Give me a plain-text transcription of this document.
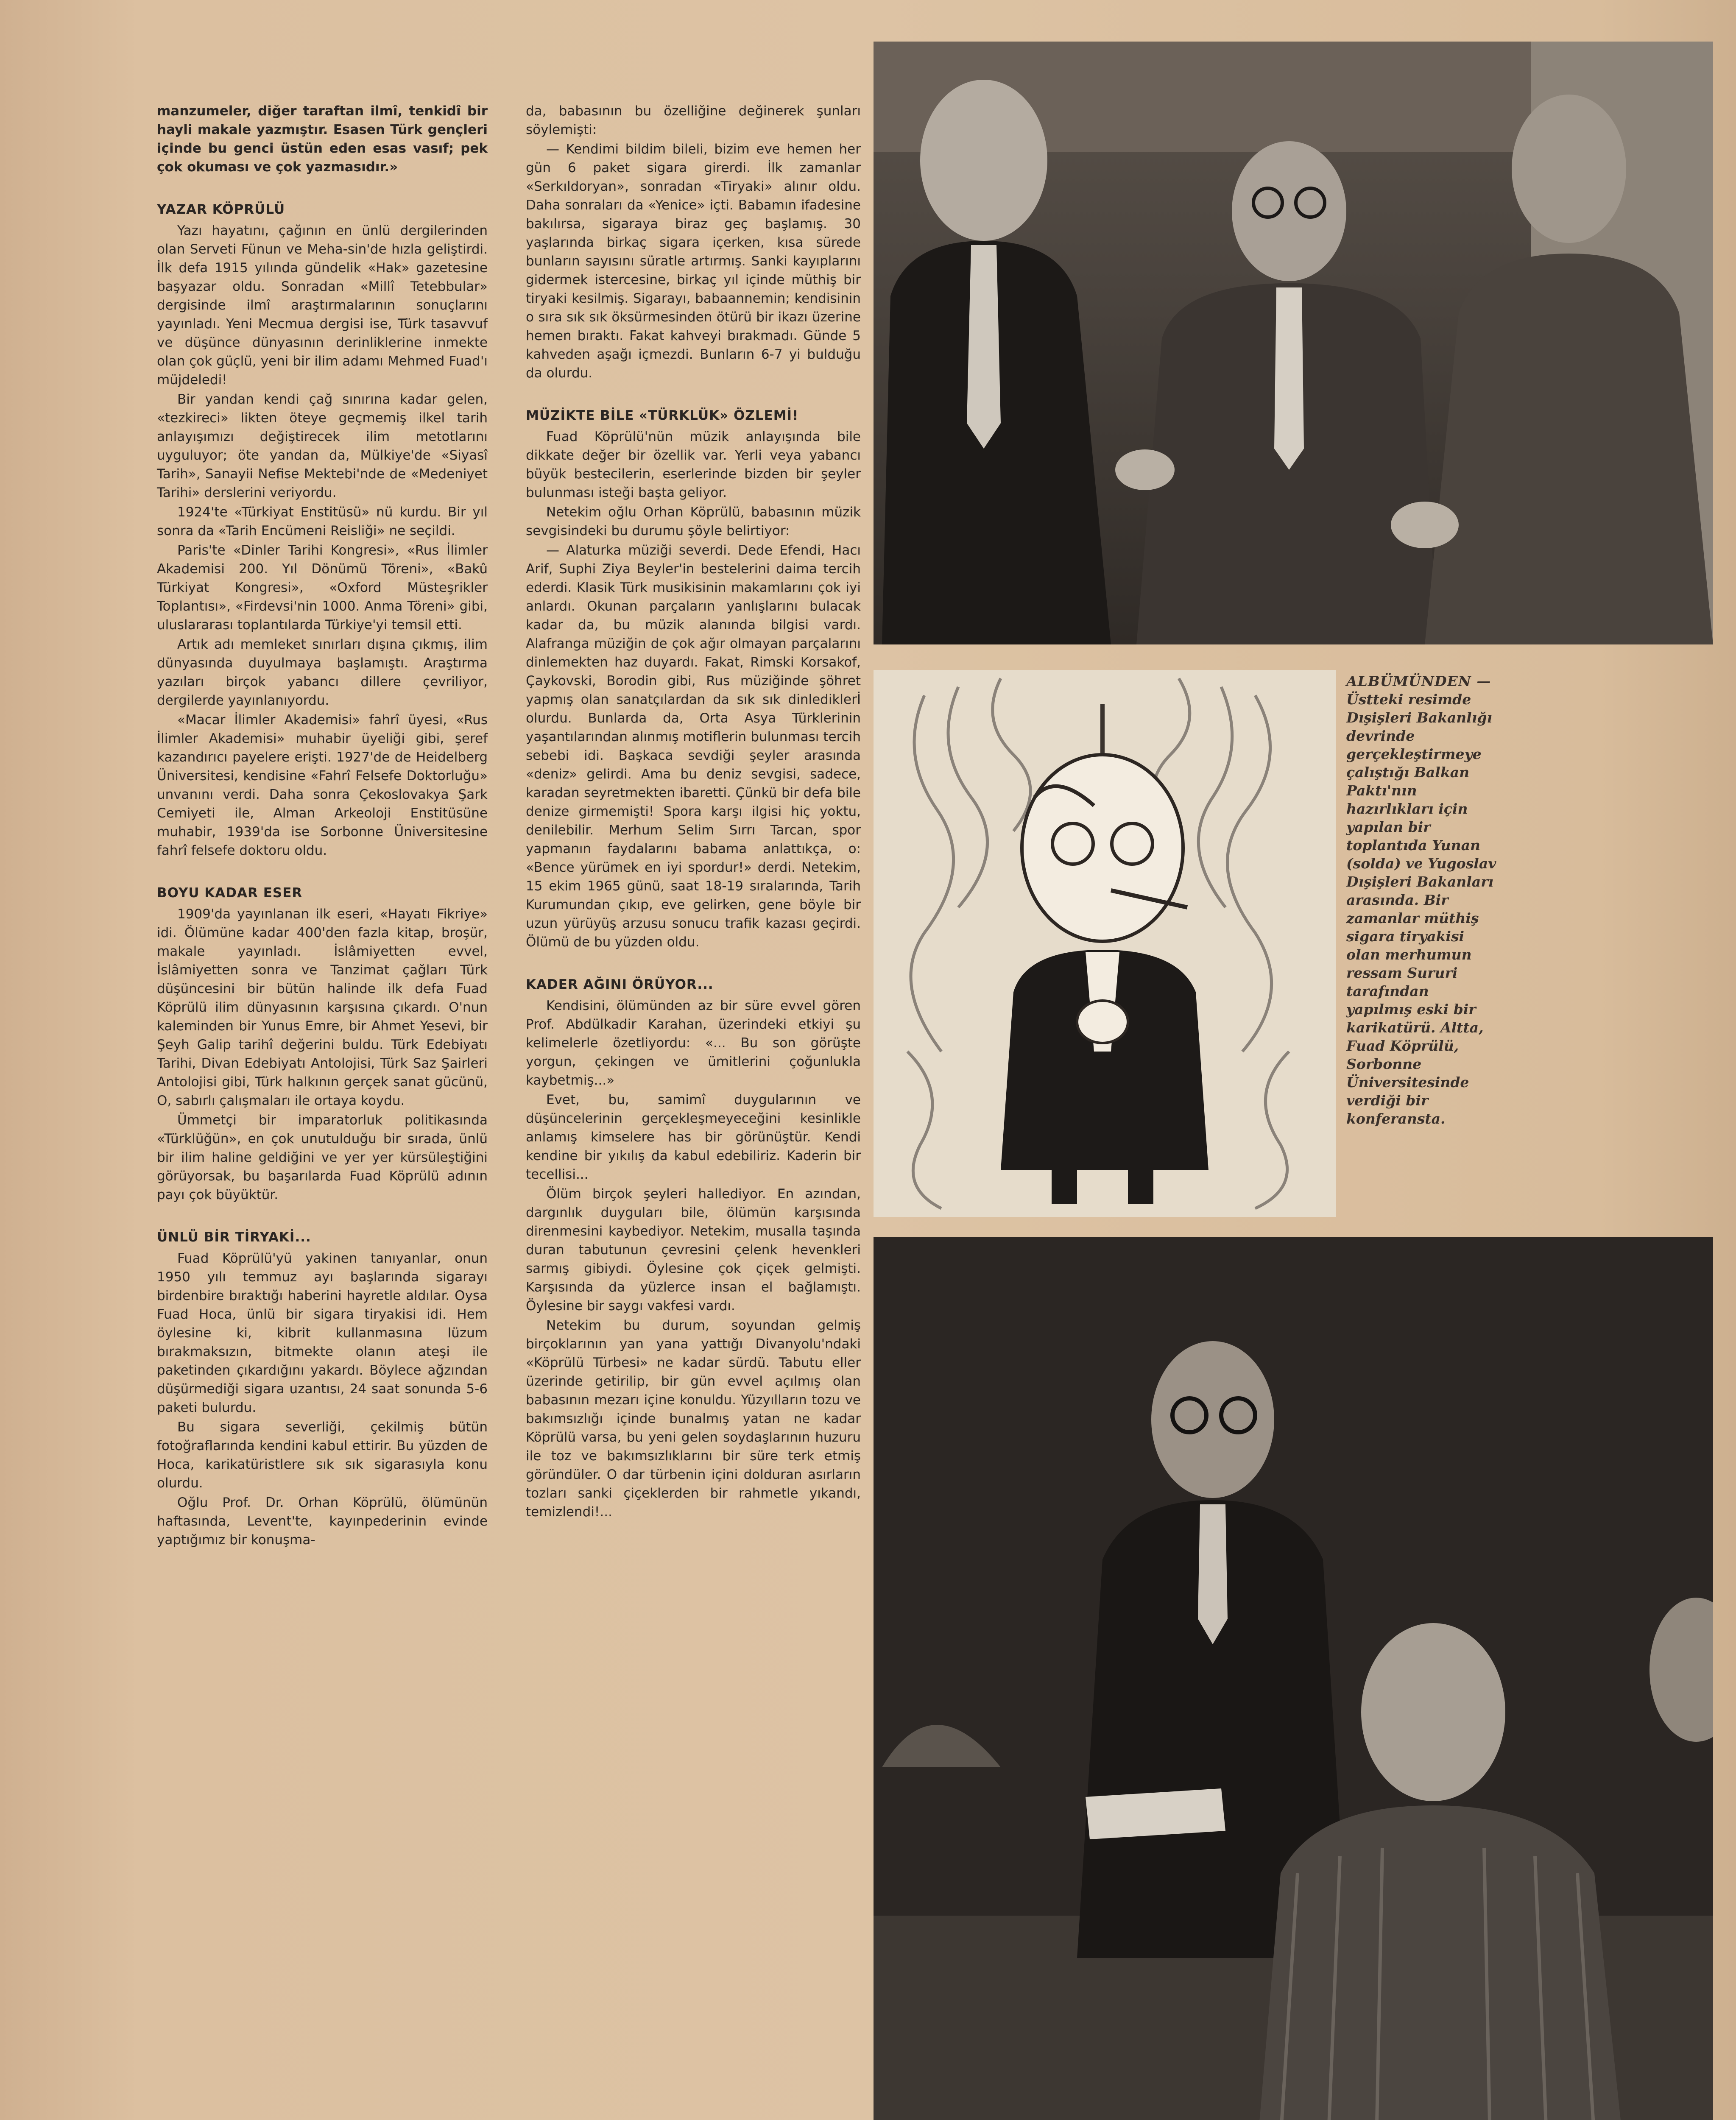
manzumeler, diğer taraftan ilmî, tenkidî bir hayli makale yazmıştır. Esasen Türk gençleri içinde bu genci üstün eden esas vasıf; pek çok okuması ve çok yazmasıdır.»

YAZAR KÖPRÜLÜ

Yazı hayatını, çağının en ünlü dergilerinden olan Serveti Fünun ve Meha-sin'de hızla geliştirdi. İlk defa 1915 yılında gündelik «Hak» gazetesine başyazar oldu. Sonradan «Millî Tetebbular» dergisinde ilmî araştırmalarının sonuçlarını yayınladı. Yeni Mecmua dergisi ise, Türk tasavvuf ve düşünce dünyasının derinliklerine inmekte olan çok güçlü, yeni bir ilim adamı Mehmed Fuad'ı müjdeledi!

Bir yandan kendi çağ sınırına kadar gelen, «tezkireci» likten öteye geçmemiş ilkel tarih anlayışımızı değiştirecek ilim metotlarını uyguluyor; öte yandan da, Mülkiye'de «Siyasî Tarih», Sanayii Nefise Mektebi'nde de «Medeniyet Tarihi» derslerini veriyordu.

1924'te «Türkiyat Enstitüsü» nü kurdu. Bir yıl sonra da «Tarih Encümeni Reisliği» ne seçildi.

Paris'te «Dinler Tarihi Kongresi», «Rus İlimler Akademisi 200. Yıl Dönümü Töreni», «Bakû Türkiyat Kongresi», «Oxford Müsteşrikler Toplantısı», «Firdevsi'nin 1000. Anma Töreni» gibi, uluslararası toplantılarda Türkiye'yi temsil etti.

Artık adı memleket sınırları dışına çıkmış, ilim dünyasında duyulmaya başlamıştı. Araştırma yazıları birçok yabancı dillere çevriliyor, dergilerde yayınlanıyordu.

«Macar İlimler Akademisi» fahrî üyesi, «Rus İlimler Akademisi» muhabir üyeliği gibi, şeref kazandırıcı payelere erişti. 1927'de de Heidelberg Üniversitesi, kendisine «Fahrî Felsefe Doktorluğu» unvanını verdi. Daha sonra Çekoslovakya Şark Cemiyeti ile, Alman Arkeoloji Enstitüsüne muhabir, 1939'da ise Sorbonne Üniversitesine fahrî felsefe doktoru oldu.

BOYU KADAR ESER

1909'da yayınlanan ilk eseri, «Hayatı Fikriye» idi. Ölümüne kadar 400'den fazla kitap, broşür, makale yayınladı. İslâmiyetten evvel, İslâmiyetten sonra ve Tanzimat çağları Türk düşüncesini bir bütün halinde ilk defa Fuad Köprülü ilim dünyasının karşısına çıkardı. O'nun kaleminden bir Yunus Emre, bir Ahmet Yesevi, bir Şeyh Galip tarihî değerini buldu. Türk Edebiyatı Tarihi, Divan Edebiyatı Antolojisi, Türk Saz Şairleri Antolojisi gibi, Türk halkının gerçek sanat gücünü, O, sabırlı çalışmaları ile ortaya koydu.

Ümmetçi bir imparatorluk politikasında «Türklüğün», en çok unutulduğu bir sırada, ünlü bir ilim haline geldiğini ve yer yer kürsüleştiğini görüyorsak, bu başarılarda Fuad Köprülü adının payı çok büyüktür.

ÜNLÜ BİR TİRYAKİ...

Fuad Köprülü'yü yakinen tanıyanlar, onun 1950 yılı temmuz ayı başlarında sigarayı birdenbire bıraktığı haberini hayretle aldılar. Oysa Fuad Hoca, ünlü bir sigara tiryakisi idi. Hem öylesine ki, kibrit kullanmasına lüzum bırakmaksızın, bitmekte olanın ateşi ile paketinden çıkardığını yakardı. Böylece ağzından düşürmediği sigara uzantısı, 24 saat sonunda 5-6 paketi bulurdu.

Bu sigara severliği, çekilmiş bütün fotoğraflarında kendini kabul ettirir. Bu yüzden de Hoca, karikatüristlere sık sık sigarasıyla konu olurdu.

Oğlu Prof. Dr. Orhan Köprülü, ölümünün haftasında, Levent'te, kayınpederinin evinde yaptığımız bir konuşma-

da, babasının bu özelliğine değinerek şunları söylemişti:

— Kendimi bildim bileli, bizim eve hemen her gün 6 paket sigara girerdi. İlk zamanlar «Serkıldoryan», sonradan «Tiryaki» alınır oldu. Daha sonraları da «Yenice» içti. Babamın ifadesine bakılırsa, sigaraya biraz geç başlamış. 30 yaşlarında birkaç sigara içerken, kısa sürede bunların sayısını süratle artırmış. Sanki kayıplarını gidermek istercesine, birkaç yıl içinde müthiş bir tiryaki kesilmiş. Sigarayı, babaannemin; kendisinin o sıra sık sık öksürmesinden ötürü bir ikazı üzerine hemen bıraktı. Fakat kahveyi bırakmadı. Günde 5 kahveden aşağı içmezdi. Bunların 6-7 yi bulduğu da olurdu.

MÜZİKTE BİLE «TÜRKLÜK» ÖZLEMİ!

Fuad Köprülü'nün müzik anlayışında bile dikkate değer bir özellik var. Yerli veya yabancı büyük bestecilerin, eserlerinde bizden bir şeyler bulunması isteği başta geliyor.

Netekim oğlu Orhan Köprülü, babasının müzik sevgisindeki bu durumu şöyle belirtiyor:

— Alaturka müziği severdi. Dede Efendi, Hacı Arif, Suphi Ziya Beyler'in bestelerini daima tercih ederdi. Klasik Türk musikisinin makamlarını çok iyi anlardı. Okunan parçaların yanlışlarını bulacak kadar da, bu müzik alanında bilgisi vardı. Alafranga müziğin de çok ağır olmayan parçalarını dinlemekten haz duyardı. Fakat, Rimski Korsakof, Çaykovski, Borodin gibi, Rus müziğinde şöhret yapmış olan sanatçılardan da sık sık dinlediklerİ olurdu. Bunlarda da, Orta Asya Türklerinin yaşantılarından alınmış motiflerin bulunması tercih sebebi idi. Başkaca sevdiği şeyler arasında «deniz» gelirdi. Ama bu deniz sevgisi, sadece, karadan seyretmekten ibaretti. Çünkü bir defa bile denize girmemişti! Spora karşı ilgisi hiç yoktu, denilebilir. Merhum Selim Sırrı Tarcan, spor yapmanın faydalarını babama anlattıkça, o: «Bence yürümek en iyi spordur!» derdi. Netekim, 15 ekim 1965 günü, saat 18-19 sıralarında, Tarih Kurumundan çıkıp, eve gelirken, gene böyle bir uzun yürüyüş arzusu sonucu trafik kazası geçirdi. Ölümü de bu yüzden oldu.

KADER AĞINI ÖRÜYOR...

Kendisini, ölümünden az bir süre evvel gören Prof. Abdülkadir Karahan, üzerindeki etkiyi şu kelimelerle özetliyordu: «... Bu son görüşte yorgun, çekingen ve ümitlerini çoğunlukla kaybetmiş...»

Evet, bu, samimî duygularının ve düşüncelerinin gerçekleşmeyeceğini kesinlikle anlamış kimselere has bir görünüştür. Kendi kendine bir yıkılış da kabul edebiliriz. Kaderin bir tecellisi...

Ölüm birçok şeyleri hallediyor. En azından, dargınlık duyguları bile, ölümün karşısında direnmesini kaybediyor. Netekim, musalla taşında duran tabutunun çevresini çelenk hevenkleri sarmış gibiydi. Öylesine çok çiçek gelmişti. Karşısında da yüzlerce insan el bağlamıştı. Öylesine bir saygı vakfesi vardı.

Netekim bu durum, soyundan gelmiş birçoklarının yan yana yattığı Divanyolu'ndaki «Köprülü Türbesi» ne kadar sürdü. Tabutu eller üzerinde getirilip, bir gün evvel açılmış olan babasının mezarı içine konuldu. Yüzyılların tozu ve bakımsızlığı içinde bunalmış yatan ne kadar Köprülü varsa, bu yeni gelen soydaşlarının huzuru ile toz ve bakımsızlıklarını bir süre terk etmiş göründüler. O dar türbenin içini dolduran asırların tozları sanki çiçeklerden bir rahmetle yıkandı, temizlendi!...

ALBÜMÜNDEN —
Üstteki resimde Dışişleri Bakanlığı devrinde gerçekleştirmeye çalıştığı Balkan Paktı'nın hazırlıkları için yapılan bir toplantıda Yunan (solda) ve Yugoslav Dışişleri Bakanları arasında. Bir zamanlar müthiş sigara tiryakisi olan merhumun ressam Sururi tarafından yapılmış eski bir karikatürü. Altta, Fuad Köprülü, Sorbonne Üniversitesinde verdiği bir konferansta.
